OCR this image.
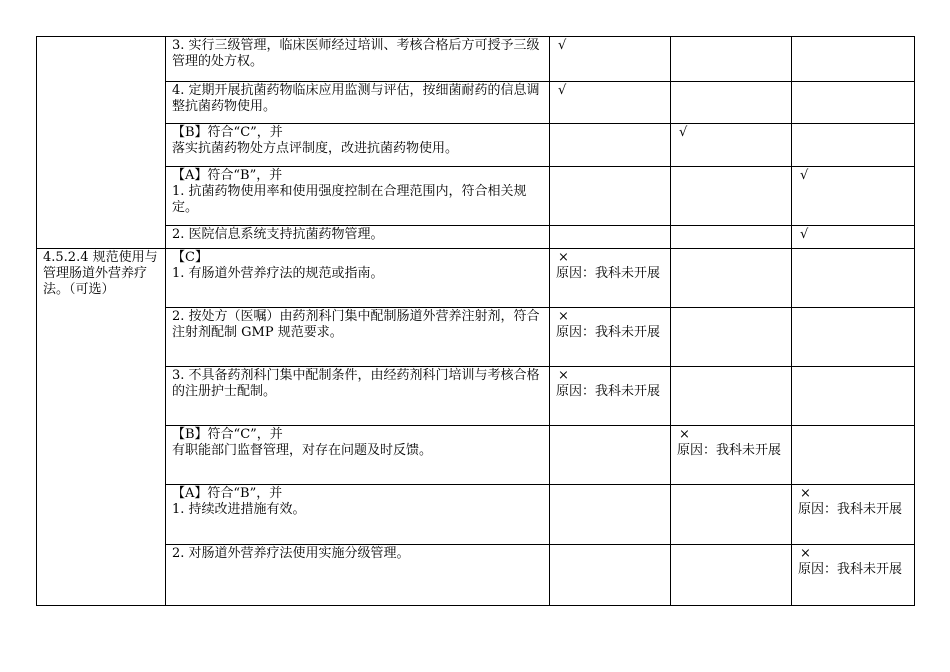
	3. 实行三级管理，临床医师经过培训、考核合格后方可授予三级管理的处方权。	√		

	4. 定期开展抗菌药物临床应用监测与评估，按细菌耐药的信息调整抗菌药物使用。	√		

	【B】符合“C”，并
落实抗菌药物处方点评制度，改进抗菌药物使用。		√	

	【A】符合“B”，并
1. 抗菌药物使用率和使用强度控制在合理范围内，符合相关规定。			√

	2. 医院信息系统支持抗菌药物管理。			√

4.5.2.4 规范使用与管理肠道外营养疗法。（可选）	【C】
1. 有肠道外营养疗法的规范或指南。	×
原因：我科未开展		

	2. 按处方（医嘱）由药剂科门集中配制肠道外营养注射剂，符合注射剂配制 GMP 规范要求。	×
原因：我科未开展		

	3. 不具备药剂科门集中配制条件，由经药剂科门培训与考核合格的注册护士配制。	×
原因：我科未开展		

	【B】符合“C”，并
有职能部门监督管理，对存在问题及时反馈。		×
原因：我科未开展	

	【A】符合“B”，并
1. 持续改进措施有效。			×
原因：我科未开展

	2. 对肠道外营养疗法使用实施分级管理。			×
原因：我科未开展
